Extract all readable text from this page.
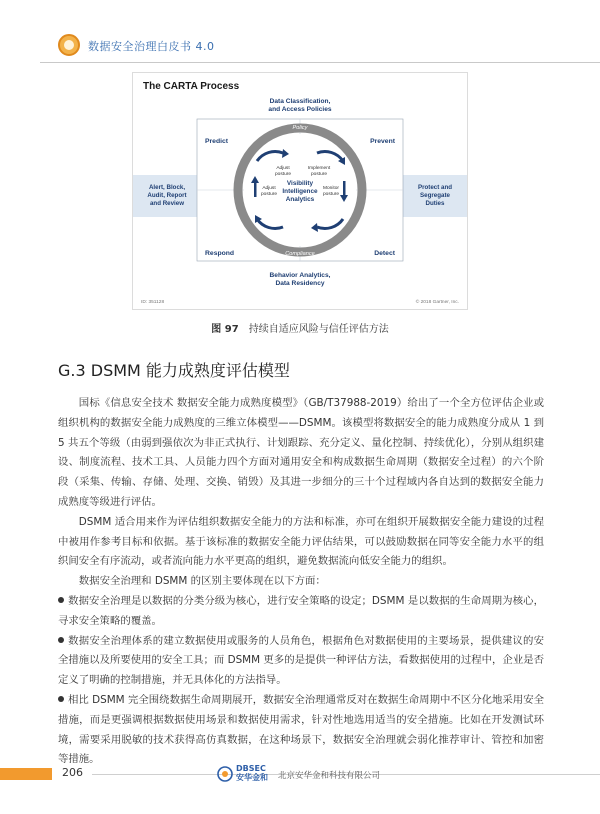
数据安全治理白皮书 4.0
The CARTA Process
Data Classification,
and Access Policies
Policy
Compliance
Adjust
posture
Implement
posture
Adjust
posture
Monitor
posture
Visibility
Intelligence
Analytics
Predict	Prevent
Respond	Detect
Alert, Block,
Audit, Report
and Review
Protect and
Segregate
Duties
Behavior Analytics,
Data Residency
ID: 351128	© 2018 Gartner, Inc.
图 97 持续自适应风险与信任评估方法
G.3 DSMM 能力成熟度评估模型

国标《信息安全技术 数据安全能力成熟度模型》（GB/T37988-2019）给出了一个全方位评估企业或组织机构的数据安全能力成熟度的三维立体模型——DSMM。该模型将数据安全的能力成熟度分成从 1 到 5 共五个等级（由弱到强依次为非正式执行、计划跟踪、充分定义、量化控制、持续优化），分别从组织建设、制度流程、技术工具、人员能力四个方面对通用安全和构成数据生命周期（数据安全过程）的六个阶段（采集、传输、存储、处理、交换、销毁）及其进一步细分的三十个过程域内各自达到的数据安全能力成熟度等级进行评估。

DSMM 适合用来作为评估组织数据安全能力的方法和标准，亦可在组织开展数据安全能力建设的过程中被用作参考目标和依据。基于该标准的数据安全能力评估结果，可以鼓励数据在同等安全能力水平的组织间安全有序流动，或者流向能力水平更高的组织，避免数据流向低安全能力的组织。

数据安全治理和 DSMM 的区别主要体现在以下方面：

数据安全治理是以数据的分类分级为核心，进行安全策略的设定；DSMM 是以数据的生命周期为核心，寻求安全策略的覆盖。

数据安全治理体系的建立数据使用或服务的人员角色，根据角色对数据使用的主要场景，提供建议的安全措施以及所要使用的安全工具；而 DSMM 更多的是提供一种评估方法，看数据使用的过程中，企业是否定义了明确的控制措施，并无具体化的方法指导。

相比 DSMM 完全围绕数据生命周期展开，数据安全治理通常反对在数据生命周期中不区分化地采用安全措施，而是更强调根据数据使用场景和数据使用需求，针对性地选用适当的安全措施。比如在开发测试环境，需要采用脱敏的技术获得高仿真数据，在这种场景下，数据安全治理就会弱化推荐审计、管控和加密等措施。

206	DBSEC
安华金和 北京安华金和科技有限公司
